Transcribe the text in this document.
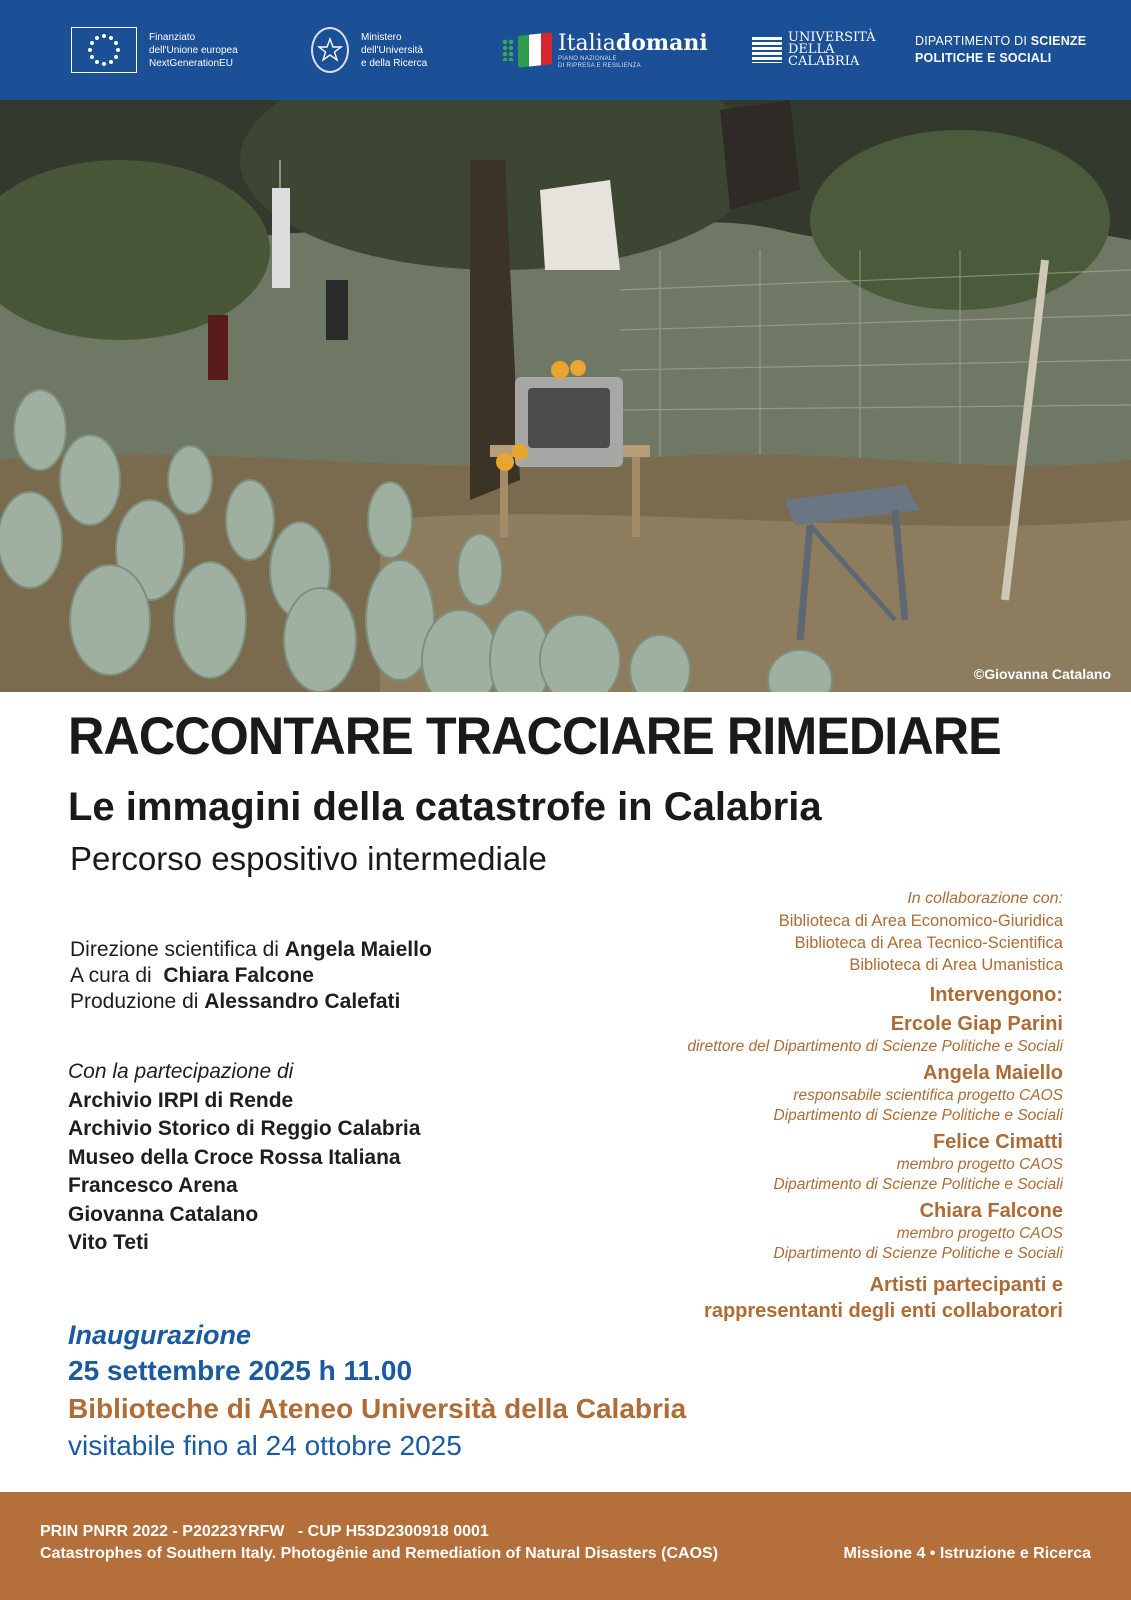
Finanziato
dell'Unione europea
NextGenerationEU
Ministero
dell'Università
e della Ricerca
Italiadomani
PIANO NAZIONALE
DI RIPRESA E RESILIENZA
UNIVERSITÀ
DELLA
CALABRIA
DIPARTIMENTO DI SCIENZE
POLITICHE E SOCIALI
©Giovanna Catalano
RACCONTARE TRACCIARE RIMEDIARE
Le immagini della catastrofe in Calabria
Percorso espositivo intermediale
Direzione scientifica di Angela Maiello
A cura di  Chiara Falcone
Produzione di Alessandro Calefati
Con la partecipazione di
Archivio IRPI di Rende
Archivio Storico di Reggio Calabria
Museo della Croce Rossa Italiana
Francesco Arena
Giovanna Catalano
Vito Teti
In collaborazione con:
Biblioteca di Area Economico-Giuridica
Biblioteca di Area Tecnico-Scientifica
Biblioteca di Area Umanistica
Intervengono:
Ercole Giap Parini
direttore del Dipartimento di Scienze Politiche e Sociali
Angela Maiello
responsabile scientifica progetto CAOS
Dipartimento di Scienze Politiche e Sociali
Felice Cimatti
membro progetto CAOS
Dipartimento di Scienze Politiche e Sociali
Chiara Falcone
membro progetto CAOS
Dipartimento di Scienze Politiche e Sociali
Artisti partecipanti e
rappresentanti degli enti collaboratori
Inaugurazione
25 settembre 2025 h 11.00
Biblioteche di Ateneo Università della Calabria
visitabile fino al 24 ottobre 2025
PRIN PNRR 2022 - P20223YRFW   - CUP H53D2300918 0001
Catastrophes of Southern Italy. Photogênie and Remediation of Natural Disasters (CAOS)	Missione 4 • Istruzione e Ricerca
